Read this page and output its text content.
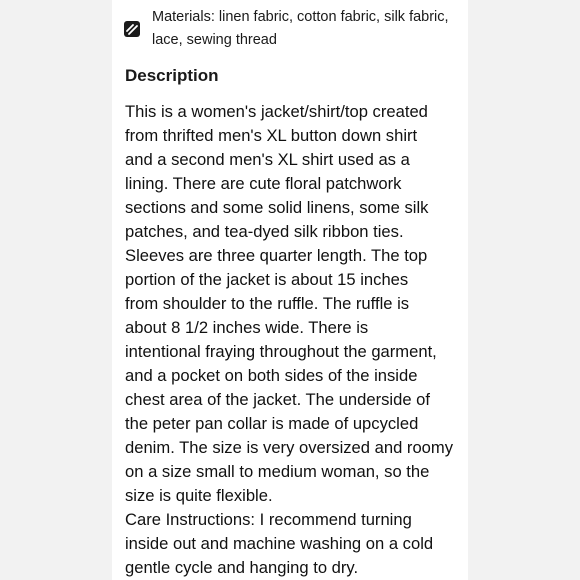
Materials: linen fabric, cotton fabric, silk fabric,
lace, sewing thread
Description
This is a women's jacket/shirt/top created
from thrifted men's XL button down shirt
and a second men's XL shirt used as a
lining. There are cute floral patchwork
sections and some solid linens, some silk
patches, and tea-dyed silk ribbon ties.
Sleeves are three quarter length. The top
portion of the jacket is about 15 inches
from shoulder to the ruffle. The ruffle is
about 8 1/2 inches wide. There is
intentional fraying throughout the garment,
and a pocket on both sides of the inside
chest area of the jacket. The underside of
the peter pan collar is made of upcycled
denim. The size is very oversized and roomy
on a size small to medium woman, so the
size is quite flexible.
Care Instructions: I recommend turning
inside out and machine washing on a cold
gentle cycle and hanging to dry.
